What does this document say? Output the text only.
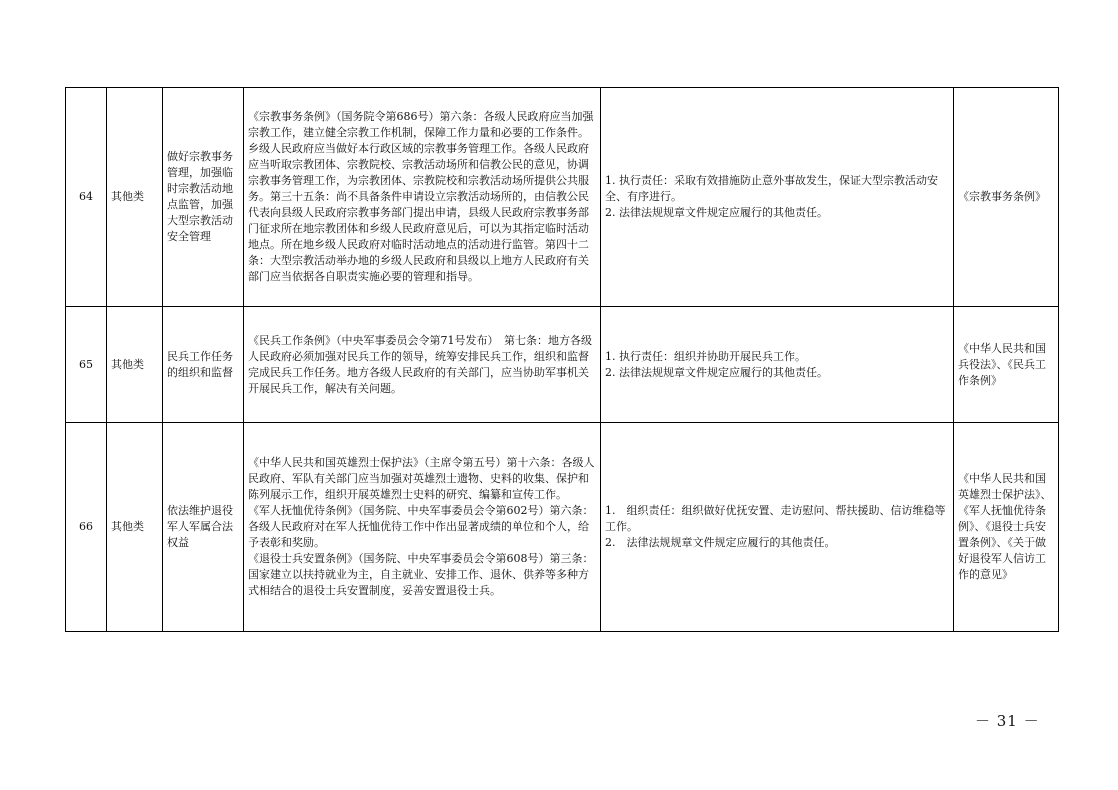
64	其他类	做好宗教事务管理，加强临时宗教活动地点监管，加强大型宗教活动安全管理	《宗教事务条例》（国务院令第686号）第六条：各级人民政府应当加强宗教工作，建立健全宗教工作机制，保障工作力量和必要的工作条件。乡级人民政府应当做好本行政区域的宗教事务管理工作。各级人民政府应当听取宗教团体、宗教院校、宗教活动场所和信教公民的意见，协调宗教事务管理工作，为宗教团体、宗教院校和宗教活动场所提供公共服务。第三十五条：尚不具备条件申请设立宗教活动场所的，由信教公民代表向县级人民政府宗教事务部门提出申请，县级人民政府宗教事务部门征求所在地宗教团体和乡级人民政府意见后，可以为其指定临时活动地点。所在地乡级人民政府对临时活动地点的活动进行监管。第四十二条：大型宗教活动举办地的乡级人民政府和县级以上地方人民政府有关部门应当依据各自职责实施必要的管理和指导。	1. 执行责任：采取有效措施防止意外事故发生，保证大型宗教活动安全、有序进行。
2. 法律法规规章文件规定应履行的其他责任。	《宗教事务条例》
65	其他类	民兵工作任务的组织和监督	《民兵工作条例》（中央军事委员会令第71号发布）　第七条：地方各级人民政府必须加强对民兵工作的领导，统筹安排民兵工作，组织和监督完成民兵工作任务。地方各级人民政府的有关部门，应当协助军事机关开展民兵工作，解决有关问题。	1. 执行责任：组织并协助开展民兵工作。
2. 法律法规规章文件规定应履行的其他责任。	《中华人民共和国兵役法》、《民兵工作条例》
66	其他类	依法维护退役军人军属合法权益	《中华人民共和国英雄烈士保护法》（主席令第五号）第十六条：各级人民政府、军队有关部门应当加强对英雄烈士遗物、史料的收集、保护和陈列展示工作，组织开展英雄烈士史料的研究、编纂和宣传工作。
《军人抚恤优待条例》（国务院、中央军事委员会令第602号）第六条：各级人民政府对在军人抚恤优待工作中作出显著成绩的单位和个人，给予表彰和奖励。
《退役士兵安置条例》（国务院、中央军事委员会令第608号）第三条：国家建立以扶持就业为主，自主就业、安排工作、退休、供养等多种方式相结合的退役士兵安置制度，妥善安置退役士兵。	1.　组织责任：组织做好优抚安置、走访慰问、帮扶援助、信访维稳等工作。
2.　法律法规规章文件规定应履行的其他责任。	《中华人民共和国英雄烈士保护法》、《军人抚恤优待条例》、《退役士兵安置条例》、《关于做好退役军人信访工作的意见》
－ 31 －
